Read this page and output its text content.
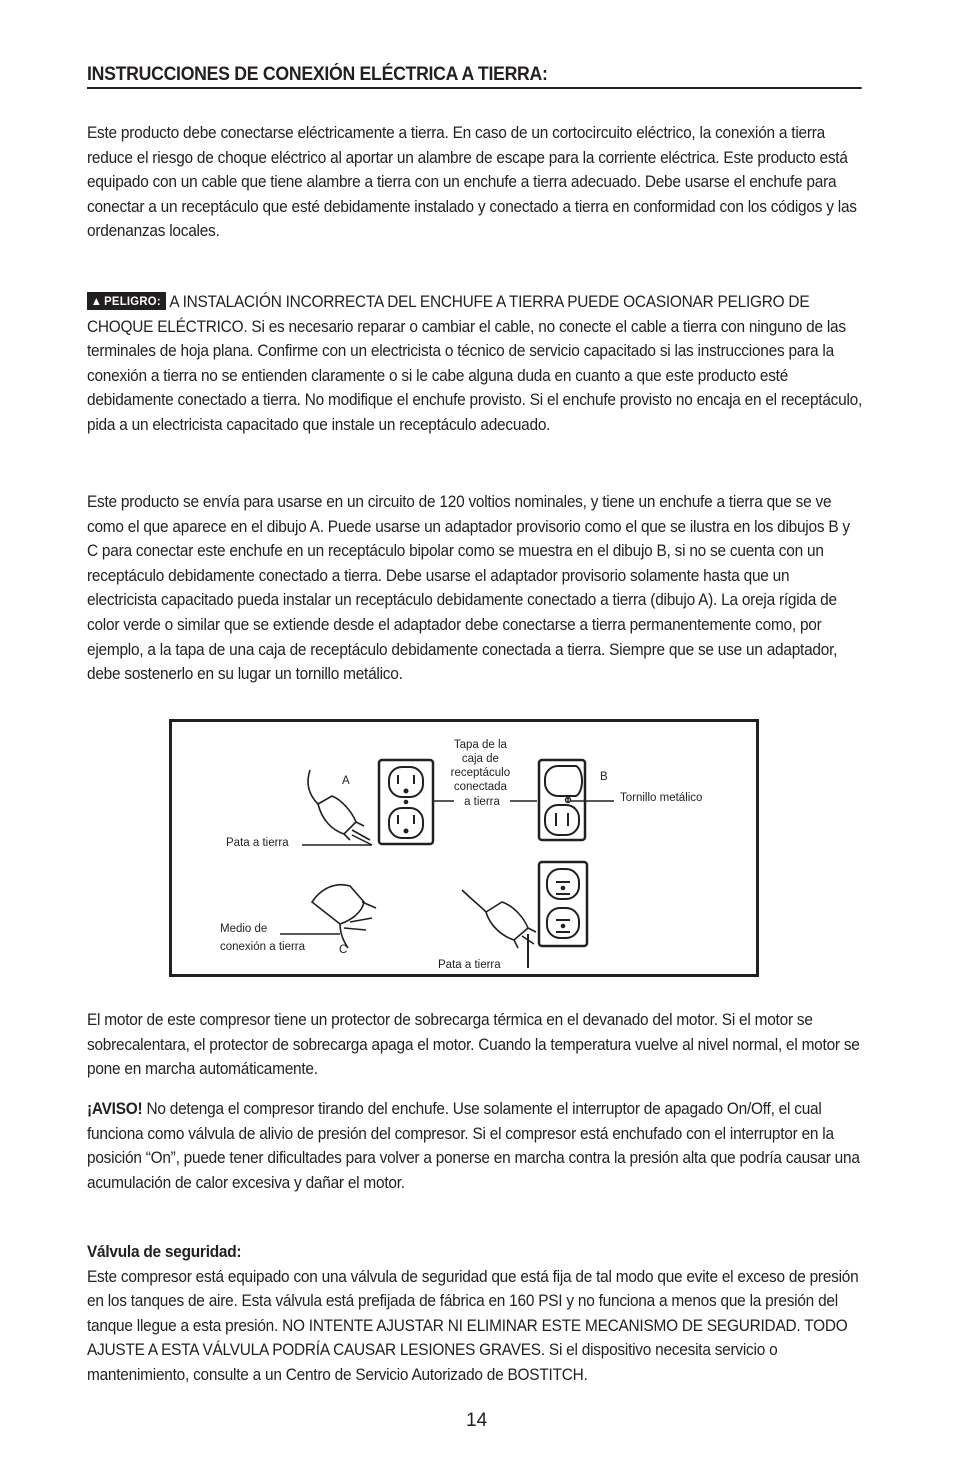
INSTRUCCIONES DE CONEXIÓN ELÉCTRICA A TIERRA:

Este producto debe conectarse eléctricamente a tierra. En caso de un cortocircuito eléctrico, la conexión a tierra reduce el riesgo de choque eléctrico al aportar un alambre de escape para la corriente eléctrica. Este producto está equipado con un cable que tiene alambre a tierra con un enchufe a tierra adecuado. Debe usarse el enchufe para conectar a un receptáculo que esté debidamente instalado y conectado a tierra en conformidad con los códigos y las ordenanzas locales.

▲ PELIGRO: A INSTALACIÓN INCORRECTA DEL ENCHUFE A TIERRA PUEDE OCASIONAR PELIGRO DE CHOQUE ELÉCTRICO. Si es necesario reparar o cambiar el cable, no conecte el cable a tierra con ninguno de las terminales de hoja plana. Confirme con un electricista o técnico de servicio capacitado si las instrucciones para la conexión a tierra no se entienden claramente o si le cabe alguna duda en cuanto a que este producto esté debidamente conectado a tierra. No modifique el enchufe provisto. Si el enchufe provisto no encaja en el receptáculo, pida a un electricista capacitado que instale un receptáculo adecuado.

Este producto se envía para usarse en un circuito de 120 voltios nominales, y tiene un enchufe a tierra que se ve como el que aparece en el dibujo A. Puede usarse un adaptador provisorio como el que se ilustra en los dibujos B y C para conectar este enchufe en un receptáculo bipolar como se muestra en el dibujo B, si no se cuenta con un receptáculo debidamente conectado a tierra. Debe usarse el adaptador provisorio solamente hasta que un electricista capacitado pueda instalar un receptáculo debidamente conectado a tierra (dibujo A). La oreja rígida de color verde o similar que se extiende desde el adaptador debe conectarse a tierra permanentemente como, por ejemplo, a la tapa de una caja de receptáculo debidamente conectada a tierra. Siempre que se use un adaptador, debe sostenerlo en su lugar un tornillo metálico.

A
Pata a tierra
Tapa de la caja de receptáculo conectada a tierra
B
Tornillo metálico
Medio de
conexión a tierra	C
Pata a tierra

El motor de este compresor tiene un protector de sobrecarga térmica en el devanado del motor. Si el motor se sobrecalentara, el protector de sobrecarga apaga el motor. Cuando la temperatura vuelve al nivel normal, el motor se pone en marcha automáticamente.

¡AVISO! No detenga el compresor tirando del enchufe. Use solamente el interruptor de apagado On/Off, el cual funciona como válvula de alivio de presión del compresor. Si el compresor está enchufado con el interruptor en la posición “On”, puede tener dificultades para volver a ponerse en marcha contra la presión alta que podría causar una acumulación de calor excesiva y dañar el motor.

Válvula de seguridad:
Este compresor está equipado con una válvula de seguridad que está fija de tal modo que evite el exceso de presión en los tanques de aire. Esta válvula está prefijada de fábrica en 160 PSI y no funciona a menos que la presión del tanque llegue a esta presión. NO INTENTE AJUSTAR NI ELIMINAR ESTE MECANISMO DE SEGURIDAD. TODO AJUSTE A ESTA VÁLVULA PODRÍA CAUSAR LESIONES GRAVES. Si el dispositivo necesita servicio o mantenimiento, consulte a un Centro de Servicio Autorizado de BOSTITCH.
14
